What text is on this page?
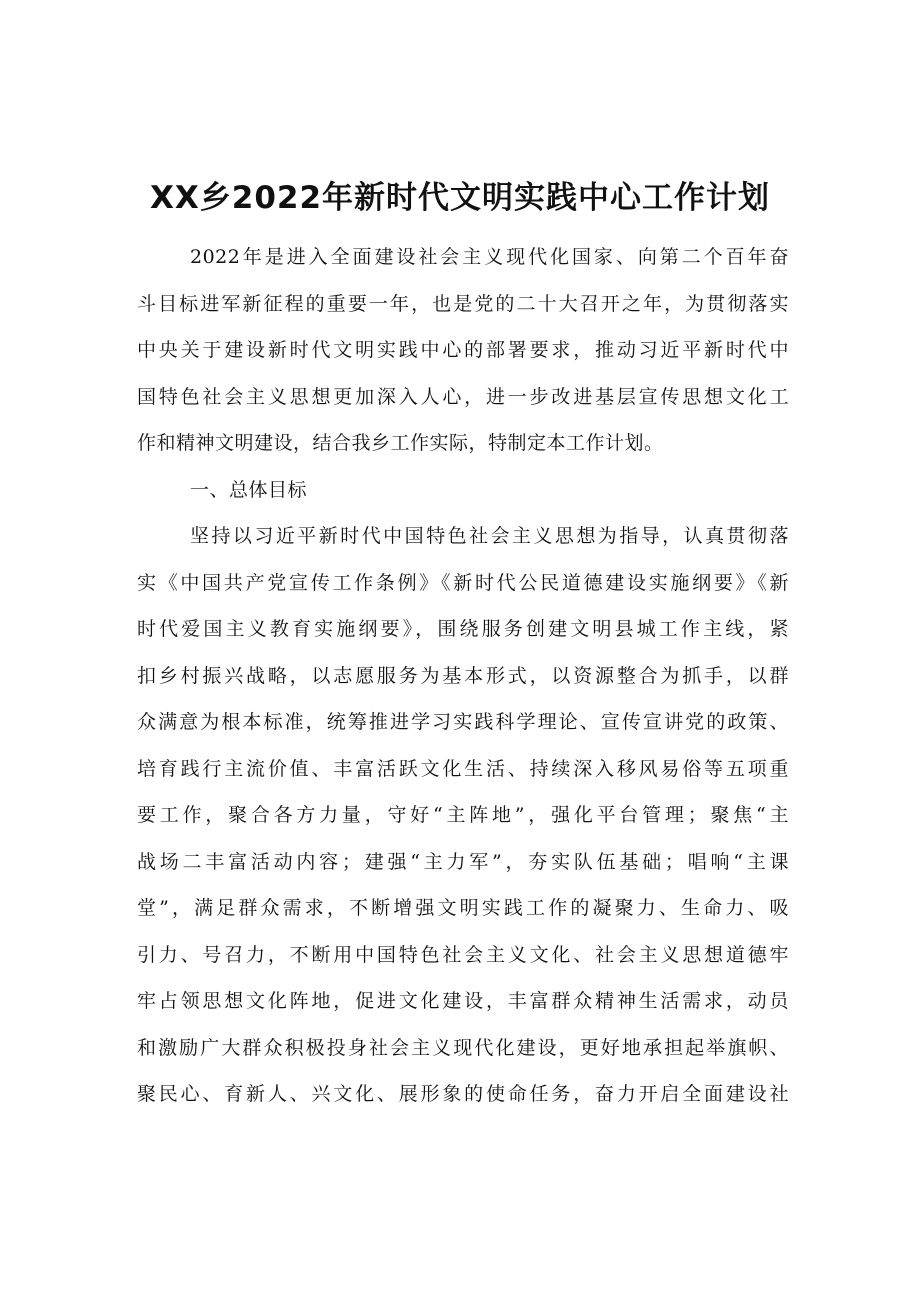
XX乡2022年新时代文明实践中心工作计划
2022年是进入全面建设社会主义现代化国家、向第二个百年奋
斗目标进军新征程的重要一年，也是党的二十大召开之年，为贯彻落实
中央关于建设新时代文明实践中心的部署要求，推动习近平新时代中
国特色社会主义思想更加深入人心，进一步改进基层宣传思想文化工
作和精神文明建设，结合我乡工作实际，特制定本工作计划。
一、总体目标
坚持以习近平新时代中国特色社会主义思想为指导，认真贯彻落
实《中国共产党宣传工作条例》《新时代公民道德建设实施纲要》《新
时代爱国主义教育实施纲要》，围绕服务创建文明县城工作主线，紧
扣乡村振兴战略，以志愿服务为基本形式，以资源整合为抓手，以群
众满意为根本标准，统筹推进学习实践科学理论、宣传宣讲党的政策、
培育践行主流价值、丰富活跃文化生活、持续深入移风易俗等五项重
要工作，聚合各方力量，守好“主阵地”，强化平台管理；聚焦“主
战场二丰富活动内容；建强“主力军”，夯实队伍基础；唱响“主课
堂”，满足群众需求，不断增强文明实践工作的凝聚力、生命力、吸
引力、号召力，不断用中国特色社会主义文化、社会主义思想道德牢
牢占领思想文化阵地，促进文化建设，丰富群众精神生活需求，动员
和激励广大群众积极投身社会主义现代化建设，更好地承担起举旗帜、
聚民心、育新人、兴文化、展形象的使命任务，奋力开启全面建设社
